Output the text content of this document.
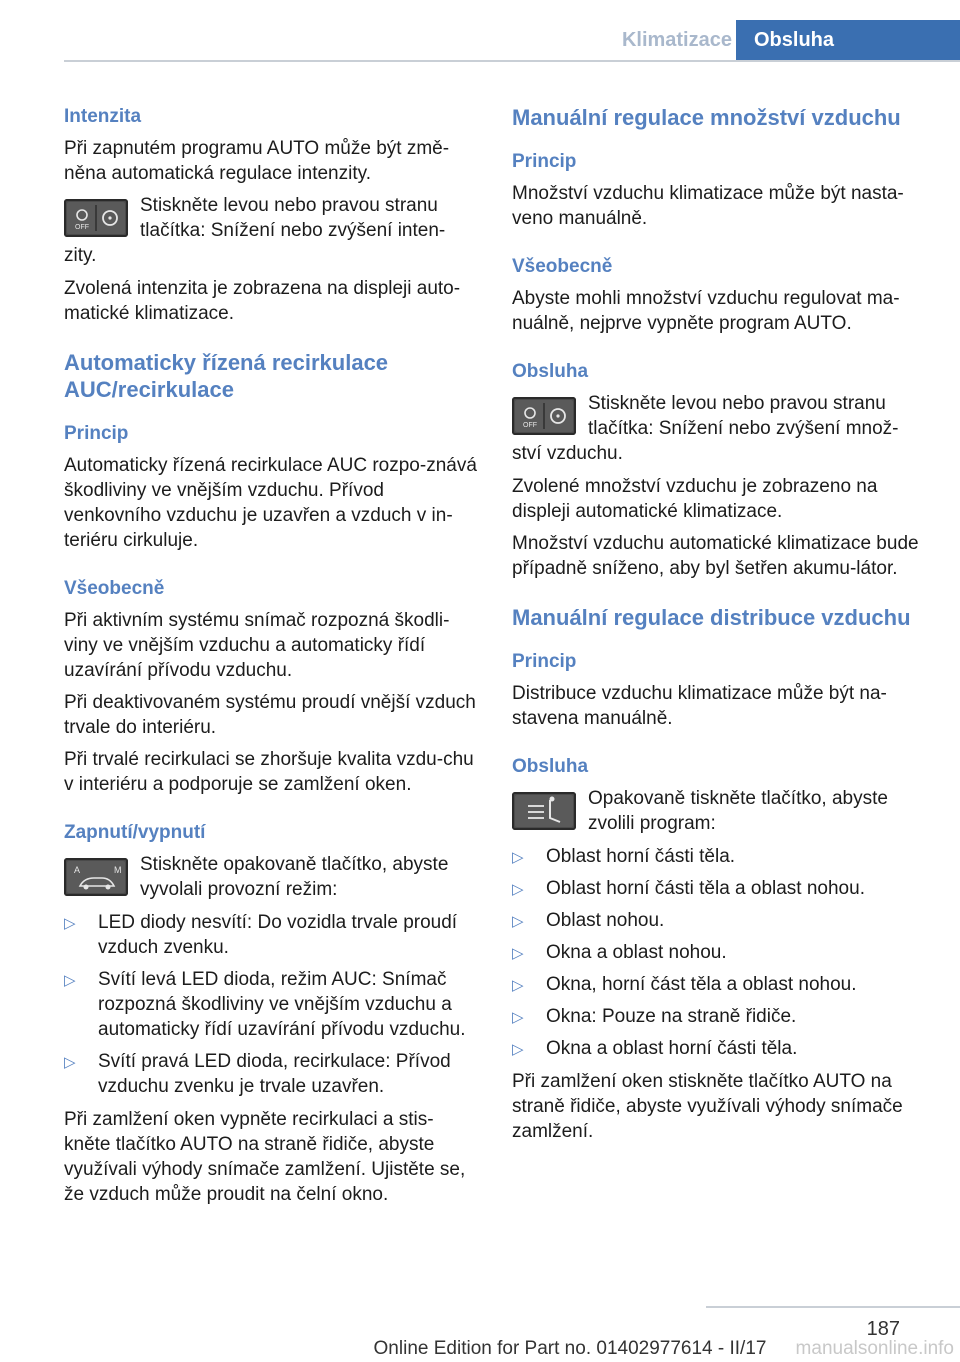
Klimatizace	Obsluha
Intenzita

Při zapnutém programu AUTO může být změ-něna automatická regulace intenzity.

OFF

Stiskněte levou nebo pravou stranu tlačítka: Snížení nebo zvýšení inten-

zity.

Zvolená intenzita je zobrazena na displeji auto-matické klimatizace.

Automaticky řízená recirkulace AUC/recirkulace
Princip

Automaticky řízená recirkulace AUC rozpo-znává škodliviny ve vnějším vzduchu. Přívod venkovního vzduchu je uzavřen a vzduch v in-teriéru cirkuluje.

Všeobecně

Při aktivním systému snímač rozpozná škodli-viny ve vnějším vzduchu a automaticky řídí uzavírání přívodu vzduchu.

Při deaktivovaném systému proudí vnější vzduch trvale do interiéru.

Při trvalé recirkulaci se zhoršuje kvalita vzdu-chu v interiéru a podporuje se zamlžení oken.

Zapnutí/vypnutí
A	M Stiskněte opakovaně tlačítko, abyste vyvolali provozní režim:

▷ LED diody nesvítí: Do vozidla trvale proudí vzduch zvenku.
▷ Svítí levá LED dioda, režim AUC: Snímač rozpozná škodliviny ve vnějším vzduchu a automaticky řídí uzavírání přívodu vzduchu.
▷ Svítí pravá LED dioda, recirkulace: Přívod vzduchu zvenku je trvale uzavřen.

Při zamlžení oken vypněte recirkulaci a stis-kněte tlačítko AUTO na straně řidiče, abyste využívali výhody snímače zamlžení. Ujistěte se, že vzduch může proudit na čelní okno.

Manuální regulace množství vzduchu
Princip

Množství vzduchu klimatizace může být nasta-veno manuálně.

Všeobecně

Abyste mohli množství vzduchu regulovat ma-nuálně, nejprve vypněte program AUTO.

Obsluha
OFF

Stiskněte levou nebo pravou stranu tlačítka: Snížení nebo zvýšení množ-

ství vzduchu.

Zvolené množství vzduchu je zobrazeno na displeji automatické klimatizace.

Množství vzduchu automatické klimatizace bude případně sníženo, aby byl šetřen akumu-látor.

Manuální regulace distribuce vzduchu
Princip

Distribuce vzduchu klimatizace může být na-stavena manuálně.

Obsluha

Opakovaně tiskněte tlačítko, abyste zvolili program:

▷ Oblast horní části těla.
▷ Oblast horní části těla a oblast nohou.
▷ Oblast nohou.
▷ Okna a oblast nohou.
▷ Okna, horní část těla a oblast nohou.
▷ Okna: Pouze na straně řidiče.
▷ Okna a oblast horní části těla.

Při zamlžení oken stiskněte tlačítko AUTO na straně řidiče, abyste využívali výhody snímače zamlžení.

187
Online Edition for Part no. 01402977614 - II/17	manualsonline.info
